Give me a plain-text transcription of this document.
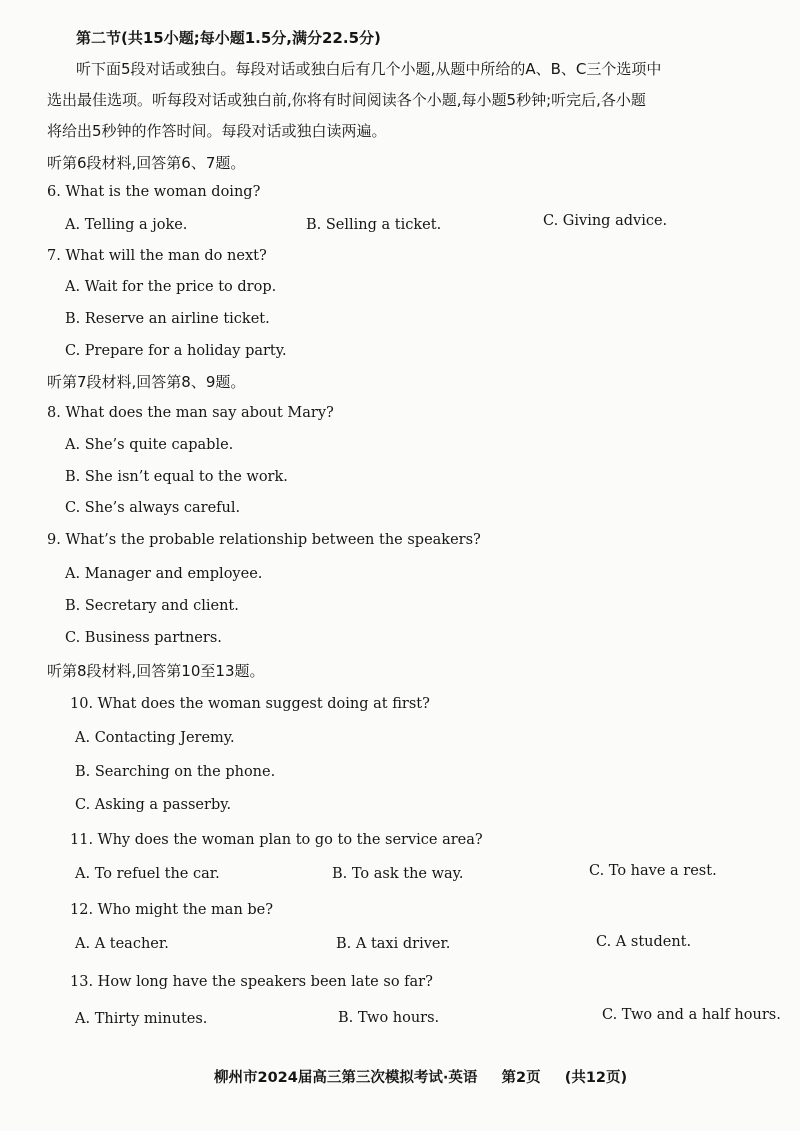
第二节(共15小题;每小题1.5分,满分22.5分)
听下面5段对话或独白。每段对话或独白后有几个小题,从题中所给的A、B、C三个选项中
选出最佳选项。听每段对话或独白前,你将有时间阅读各个小题,每小题5秒钟;听完后,各小题
将给出5秒钟的作答时间。每段对话或独白读两遍。
听第6段材料,回答第6、7题。
6. What is the woman doing?
A. Telling a joke.	B. Selling a ticket.	C. Giving advice.
7. What will the man do next?
A. Wait for the price to drop.
B. Reserve an airline ticket.
C. Prepare for a holiday party.
听第7段材料,回答第8、9题。
8. What does the man say about Mary?
A. She’s quite capable.
B. She isn’t equal to the work.
C. She’s always careful.
9. What’s the probable relationship between the speakers?
A. Manager and employee.
B. Secretary and client.
C. Business partners.
听第8段材料,回答第10至13题。
10. What does the woman suggest doing at first?
A. Contacting Jeremy.
B. Searching on the phone.
C. Asking a passerby.
11. Why does the woman plan to go to the service area?
A. To refuel the car.	B. To ask the way.	C. To have a rest.
12. Who might the man be?
A. A teacher.	B. A taxi driver.	C. A student.
13. How long have the speakers been late so far?
A. Thirty minutes.	B. Two hours.	C. Two and a half hours.
柳州市2024届高三第三次模拟考试·英语 第2页 (共12页)
